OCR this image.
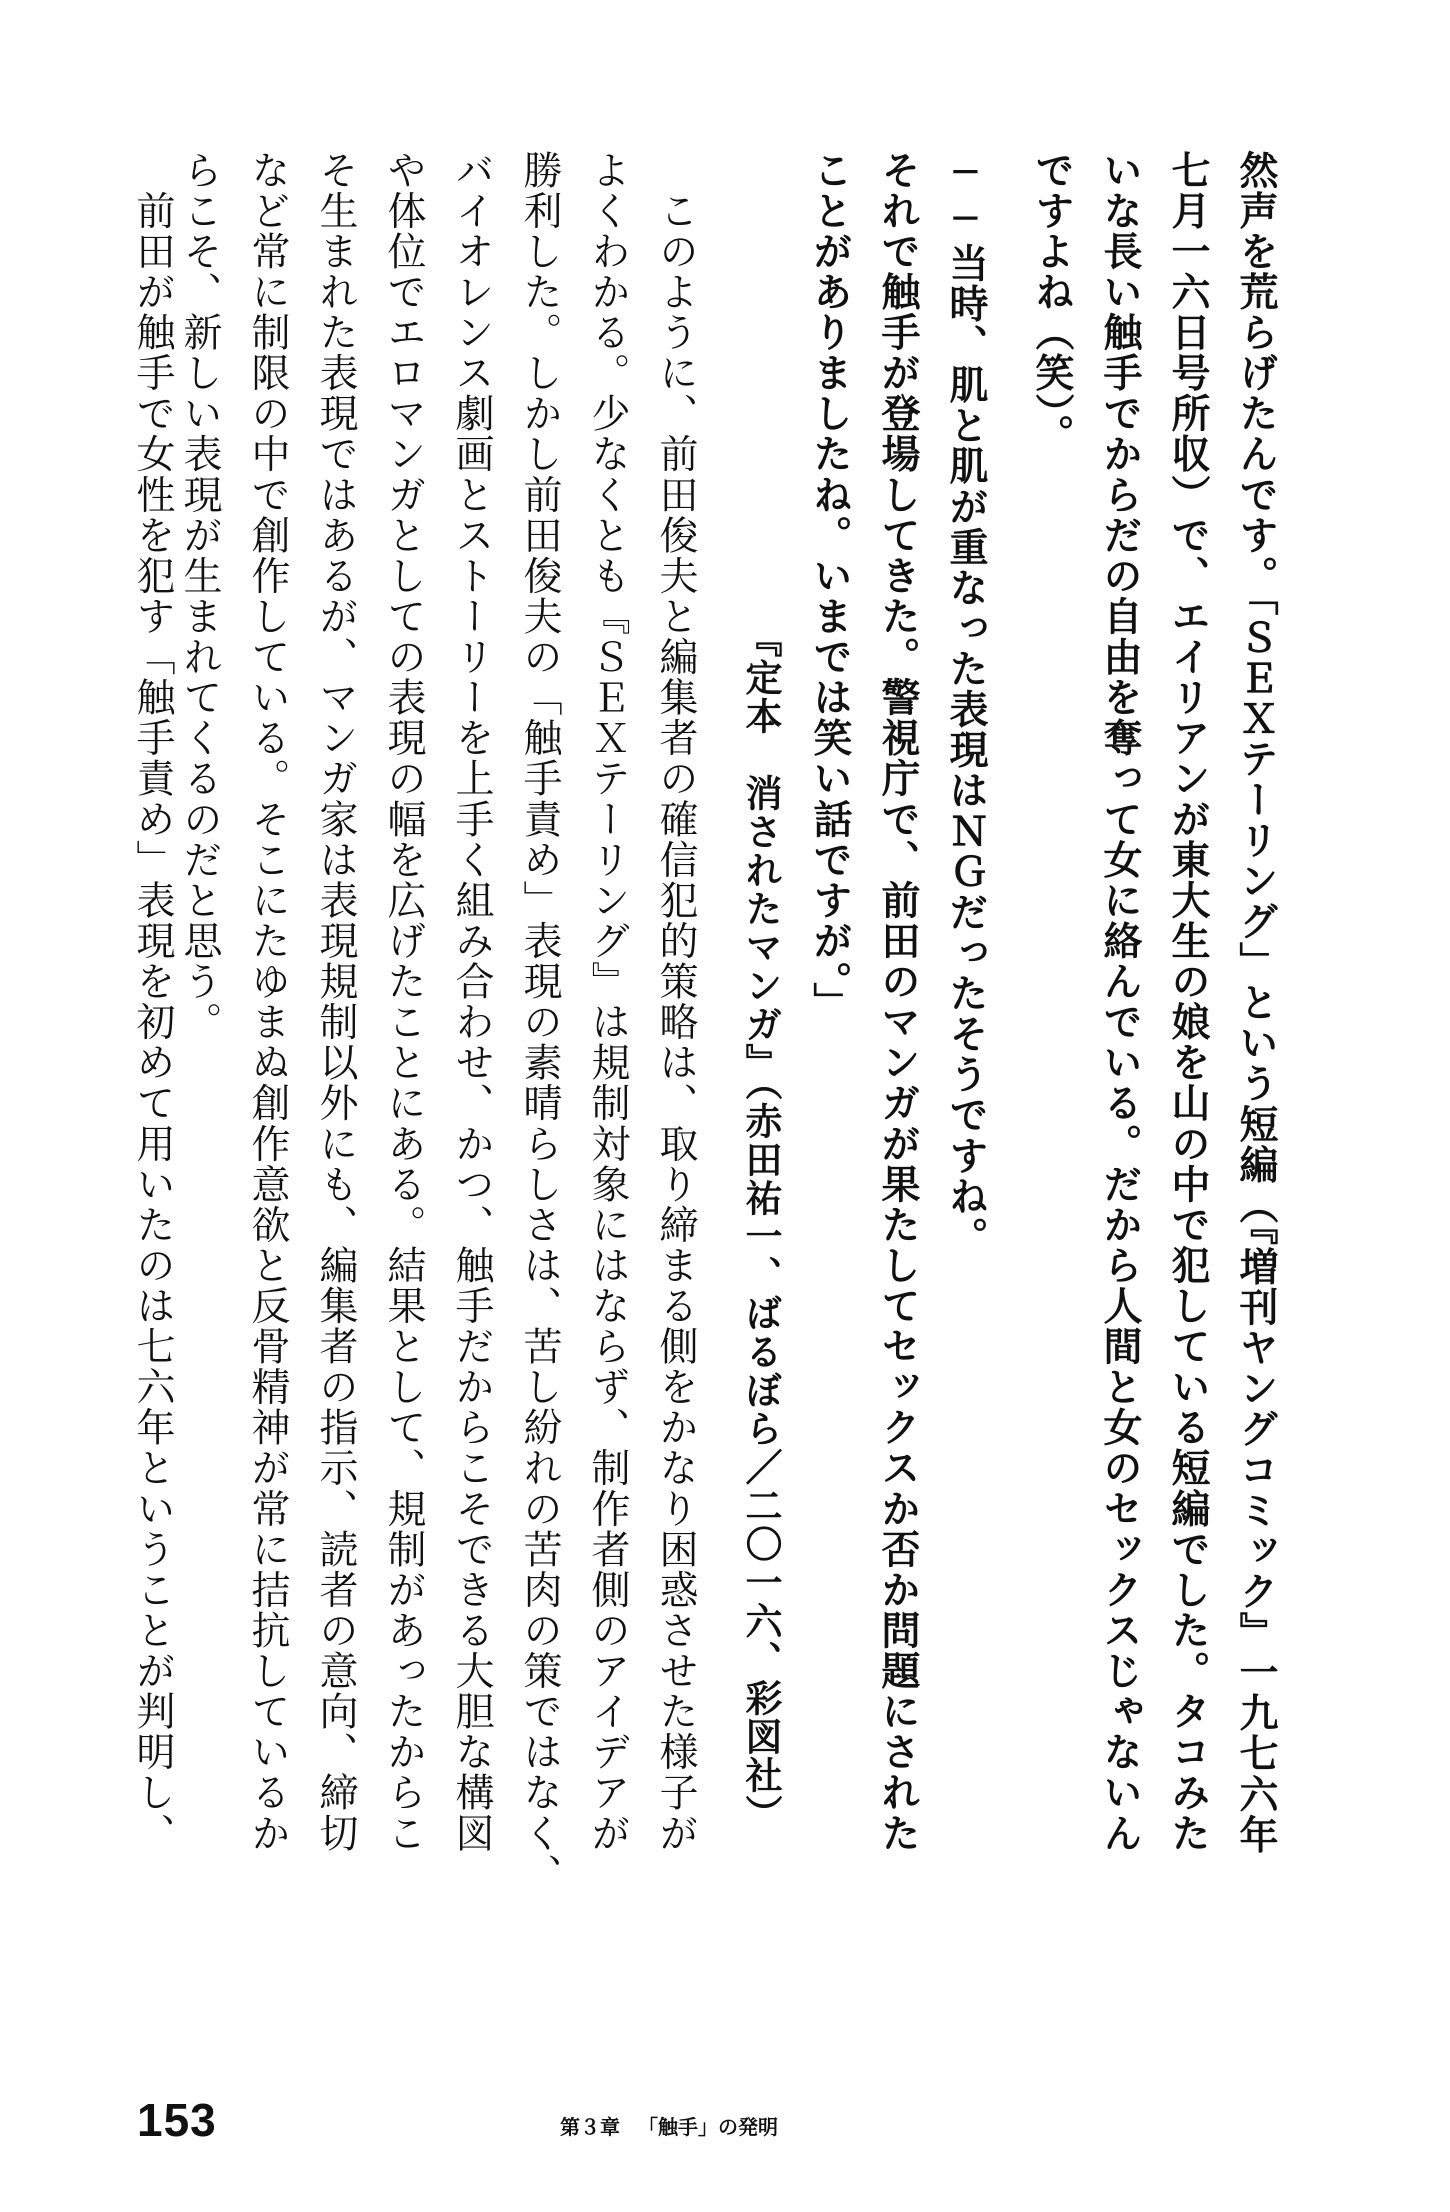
然声を荒らげたんです。「ＳＥＸテーリング」という短編（『増刊ヤングコミック』一九七六年
七月一六日号所収）で、エイリアンが東大生の娘を山の中で犯している短編でした。タコみた
いな長い触手でからだの自由を奪って女に絡んでいる。だから人間と女のセックスじゃないん
ですよね（笑）。
──当時、肌と肌が重なった表現はＮＧだったそうですね。
それで触手が登場してきた。警視庁で、前田のマンガが果たしてセックスか否か問題にされた
ことがありましたね。いまでは笑い話ですが。」
『定本　消されたマンガ』（赤田祐一、ばるぼら／二〇一六、彩図社）
　このように、前田俊夫と編集者の確信犯的策略は、取り締まる側をかなり困惑させた様子が
よくわかる。少なくとも『ＳＥＸテーリング』は規制対象にはならず、制作者側のアイデアが
勝利した。しかし前田俊夫の「触手責め」表現の素晴らしさは、苦し紛れの苦肉の策ではなく、
バイオレンス劇画とストーリーを上手く組み合わせ、かつ、触手だからこそできる大胆な構図
や体位でエロマンガとしての表現の幅を広げたことにある。結果として、規制があったからこ
そ生まれた表現ではあるが、マンガ家は表現規制以外にも、編集者の指示、読者の意向、締切
など常に制限の中で創作している。そこにたゆまぬ創作意欲と反骨精神が常に拮抗しているか
らこそ、新しい表現が生まれてくるのだと思う。
　前田が触手で女性を犯す「触手責め」表現を初めて用いたのは七六年ということが判明し、
153	第３章 「触手」の発明
